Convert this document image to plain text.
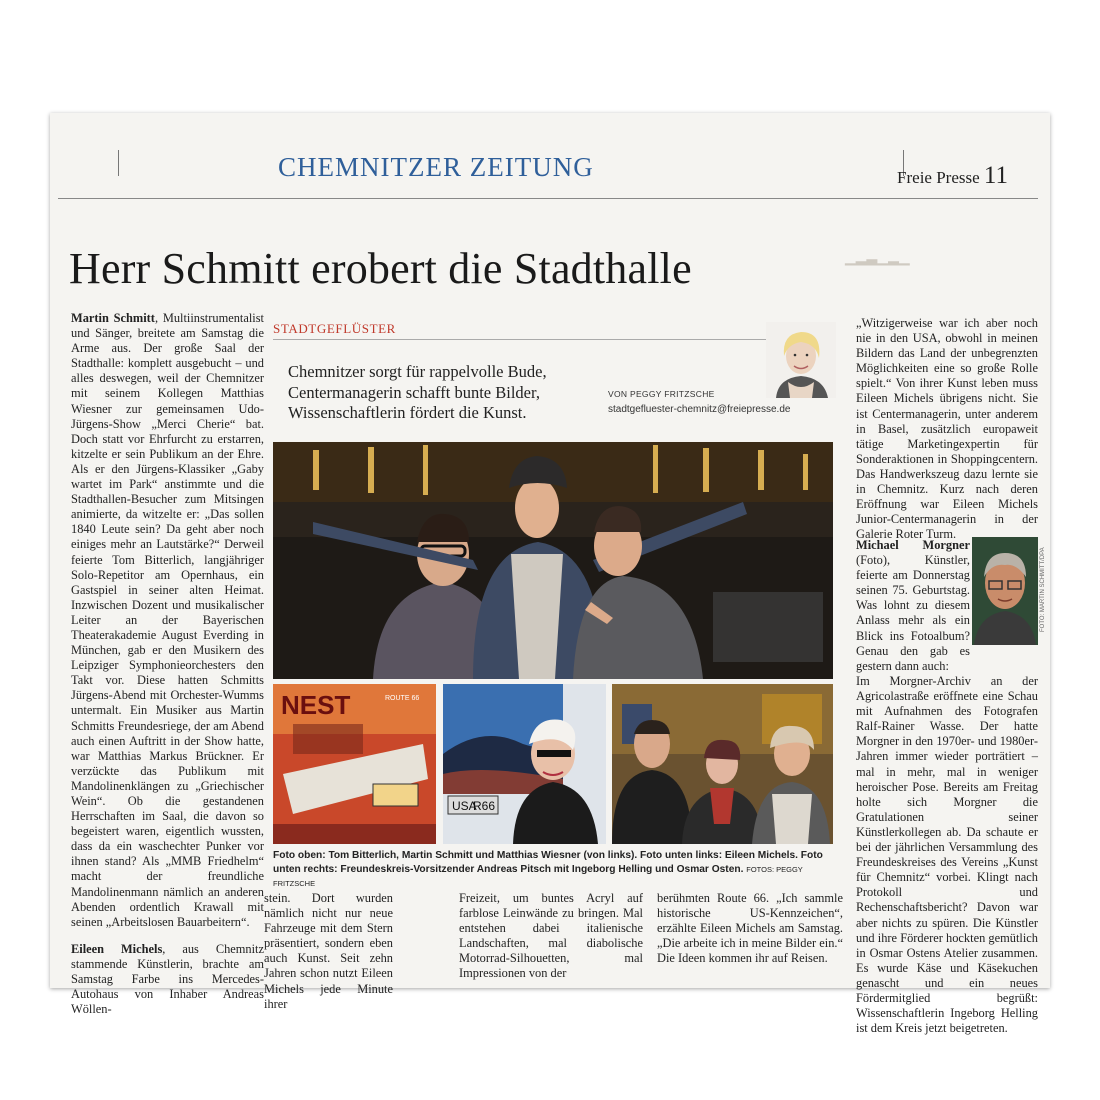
CHEMNITZER ZEITUNG	Freie Presse 11
▁▂▃▁▂▁
Herr Schmitt erobert die Stadthalle

Martin Schmitt, Multiinstrumentalist und Sänger, breitete am Samstag die Arme aus. Der große Saal der Stadthalle: komplett ausgebucht – und alles deswegen, weil der Chemnitzer mit seinem Kollegen Matthias Wiesner zur gemeinsamen Udo-Jürgens-Show „Merci Cherie“ bat. Doch statt vor Ehrfurcht zu erstarren, kitzelte er sein Publikum an der Ehre. Als er den Jürgens-Klassiker „Gaby wartet im Park“ anstimmte und die Stadthallen-Besucher zum Mitsingen animierte, da witzelte er: „Das sollen 1840 Leute sein? Da geht aber noch einiges mehr an Lautstärke?“ Derweil feierte Tom Bitterlich, langjähriger Solo-Repetitor am Opernhaus, ein Gastspiel in seiner alten Heimat. Inzwischen Dozent und musikalischer Leiter an der Bayerischen Theaterakademie August Everding in München, gab er den Musikern des Leipziger Symphonieorchesters den Takt vor. Diese hatten Schmitts Jürgens-Abend mit Orchester-Wumms untermalt. Ein Musiker aus Martin Schmitts Freundesriege, der am Abend auch einen Auftritt in der Show hatte, war Matthias Markus Brückner. Er verzückte das Publikum mit Mandolinenklängen zu „Griechischer Wein“. Ob die gestandenen Herrschaften im Saal, die davon so begeistert waren, eigentlich wussten, dass da ein waschechter Punker vor ihnen stand? Als „MMB Friedhelm“ macht der freundliche Mandolinenmann nämlich an anderen Abenden ordentlich Krawall mit seinen „Arbeitslosen Bauarbeitern“.

Eileen Michels, aus Chemnitz stammende Künstlerin, brachte am Samstag Farbe ins Mercedes-Autohaus von Inhaber Andreas Wöllen-

STADTGEFLÜSTER
Chemnitzer sorgt für rappelvolle Bude, Centermanagerin schafft bunte Bilder, Wissenschaftlerin fördert die Kunst.
VON PEGGY FRITZSCHE
stadtgefluester-chemnitz@freiepresse.de
NEST	ROUTE 66
USA
R66
Foto oben: Tom Bitterlich, Martin Schmitt und Matthias Wiesner (von links). Foto unten links: Eileen Michels. Foto unten rechts: Freundeskreis-Vorsitzender Andreas Pitsch mit Ingeborg Helling und Osmar Osten. FOTOS: PEGGY FRITZSCHE

stein. Dort wurden nämlich nicht nur neue Fahrzeuge mit dem Stern präsentiert, sondern eben auch Kunst. Seit zehn Jahren schon nutzt Eileen Michels jede Minute ihrer

Freizeit, um buntes Acryl auf farblose Leinwände zu bringen. Mal entstehen dabei italienische Landschaften, mal diabolische Motorrad-Silhouetten, mal Impressionen von der

berühmten Route 66. „Ich sammle historische US-Kennzeichen“, erzählte Eileen Michels am Samstag. „Die arbeite ich in meine Bilder ein.“ Die Ideen kommen ihr auf Reisen.

„Witzigerweise war ich aber noch nie in den USA, obwohl in meinen Bildern das Land der unbegrenzten Möglichkeiten eine so große Rolle spielt.“ Von ihrer Kunst leben muss Eileen Michels übrigens nicht. Sie ist Centermanagerin, unter anderem in Basel, zusätzlich europaweit tätige Marketingexpertin für Sonderaktionen in Shoppingcentern. Das Handwerkszeug dazu lernte sie in Chemnitz. Kurz nach deren Eröffnung war Eileen Michels Junior-Centermanagerin in der Galerie Roter Turm.

Michael Morgner (Foto), Künstler, feierte am Donnerstag seinen 75. Geburtstag. Was lohnt zu diesem Anlass mehr als ein Blick ins Fotoalbum? Genau den gab es gestern dann auch:

FOTO: MARTIN SCHMITT/DPA

Im Morgner-Archiv an der Agricolastraße eröffnete eine Schau mit Aufnahmen des Fotografen Ralf-Rainer Wasse. Der hatte Morgner in den 1970er- und 1980er-Jahren immer wieder porträtiert – mal in mehr, mal in weniger heroischer Pose. Bereits am Freitag holte sich Morgner die Gratulationen seiner Künstlerkollegen ab. Da schaute er bei der jährlichen Versammlung des Freundeskreises des Vereins „Kunst für Chemnitz“ vorbei. Klingt nach Protokoll und Rechenschaftsbericht? Davon war aber nichts zu spüren. Die Künstler und ihre Förderer hockten gemütlich in Osmar Ostens Atelier zusammen. Es wurde Käse und Käsekuchen genascht und ein neues Fördermitglied begrüßt: Wissenschaftlerin Ingeborg Helling ist dem Kreis jetzt beigetreten.
